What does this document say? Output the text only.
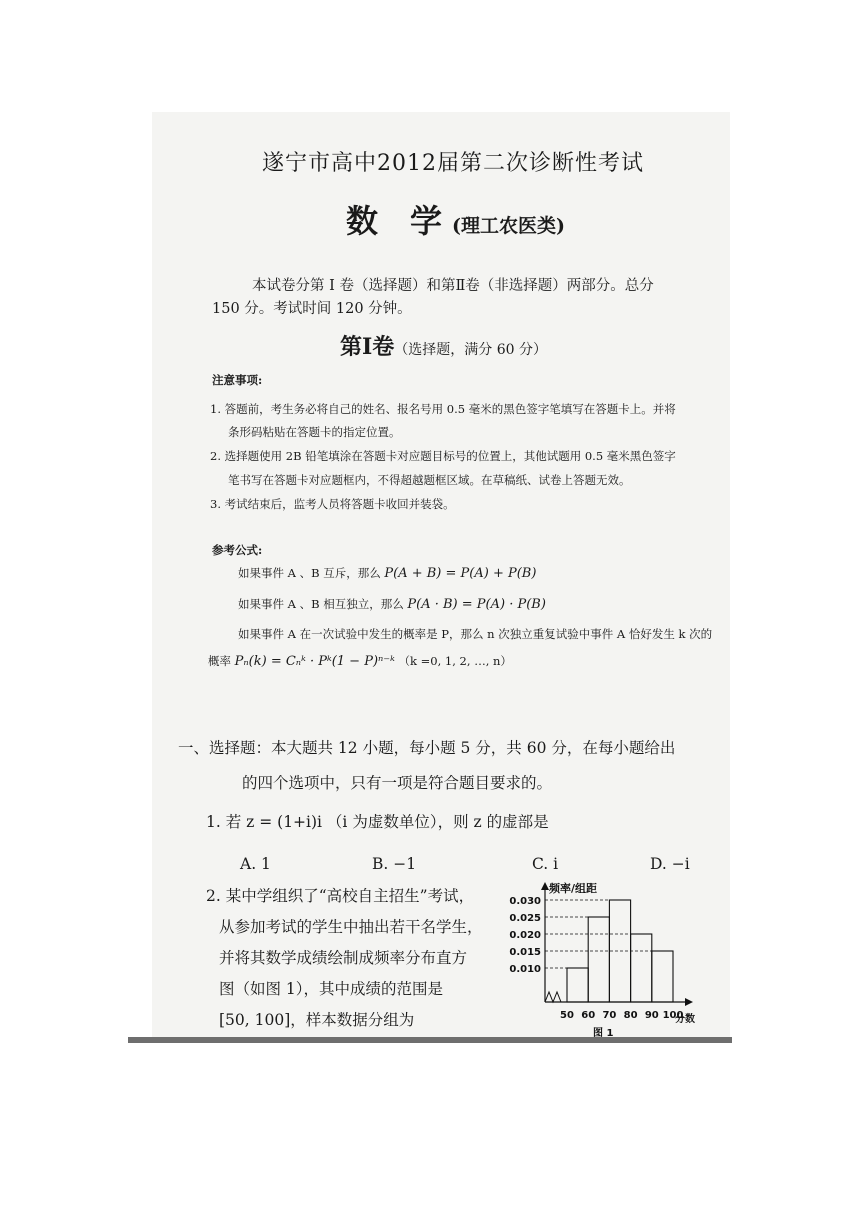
遂宁市高中2012届第二次诊断性考试
数　学 (理工农医类)
本试卷分第 Ⅰ 卷（选择题）和第Ⅱ卷（非选择题）两部分。总分
150 分。考试时间 120 分钟。
第Ⅰ卷（选择题，满分 60 分）
注意事项:
1. 答题前，考生务必将自己的姓名、报名号用 0.5 毫米的黑色签字笔填写在答题卡上。并将
条形码粘贴在答题卡的指定位置。
2. 选择题使用 2B 铅笔填涂在答题卡对应题目标号的位置上，其他试题用 0.5 毫米黑色签字
笔书写在答题卡对应题框内，不得超越题框区域。在草稿纸、试卷上答题无效。
3. 考试结束后，监考人员将答题卡收回并装袋。
参考公式:
如果事件 A 、B 互斥，那么 P(A + B) = P(A) + P(B)
如果事件 A 、B 相互独立，那么 P(A · B) = P(A) · P(B)
如果事件 A 在一次试验中发生的概率是 P，那么 n 次独立重复试验中事件 A 恰好发生 k 次的
概率 Pₙ(k) = Cₙᵏ · Pᵏ(1 − P)ⁿ⁻ᵏ （k =0, 1, 2, …, n）
一、选择题：本大题共 12 小题，每小题 5 分，共 60 分，在每小题给出
的四个选项中，只有一项是符合题目要求的。
1. 若 z = (1+i)i （i 为虚数单位），则 z 的虚部是
A. 1	B. −1	C. i	D. −i
2. 某中学组织了“高校自主招生”考试，
从参加考试的学生中抽出若干名学生，
并将其数学成绩绘制成频率分布直方
图（如图 1），其中成绩的范围是
[50, 100]，样本数据分组为
0.010
0.015
0.020
0.025
0.030
50 60 70 80 90 100
频率/组距
分数
图 1
